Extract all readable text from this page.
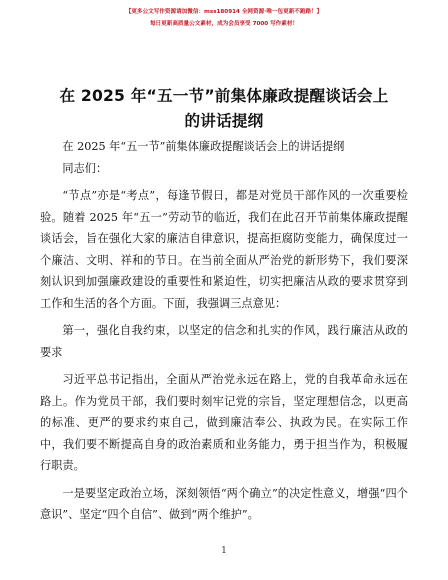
【更多公文写作资源请加微信：mss180914 全网资源·唯一包更新不跑路！】
每日更新高质量公文素材，成为会员享受 7000 写作素材！
在 2025 年“五一节”前集体廉政提醒谈话会上
的讲话提纲

在 2025 年“五一节”前集体廉政提醒谈话会上的讲话提纲

同志们：

“节点”亦是“考点”，每逢节假日，都是对党员干部作风的一次重要检验。随着 2025 年“五一”劳动节的临近，我们在此召开节前集体廉政提醒谈话会，旨在强化大家的廉洁自律意识，提高拒腐防变能力，确保度过一个廉洁、文明、祥和的节日。在当前全面从严治党的新形势下，我们要深刻认识到加强廉政建设的重要性和紧迫性，切实把廉洁从政的要求贯穿到工作和生活的各个方面。下面，我强调三点意见：

第一，强化自我约束，以坚定的信念和扎实的作风，践行廉洁从政的要求

习近平总书记指出，全面从严治党永远在路上，党的自我革命永远在路上。作为党员干部，我们要时刻牢记党的宗旨，坚定理想信念，以更高的标准、更严的要求约束自己，做到廉洁奉公、执政为民。在实际工作中，我们要不断提高自身的政治素质和业务能力，勇于担当作为，积极履行职责。

一是要坚定政治立场，深刻领悟“两个确立”的决定性意义，增强“四个意识”、坚定“四个自信”、做到“两个维护”。

1
